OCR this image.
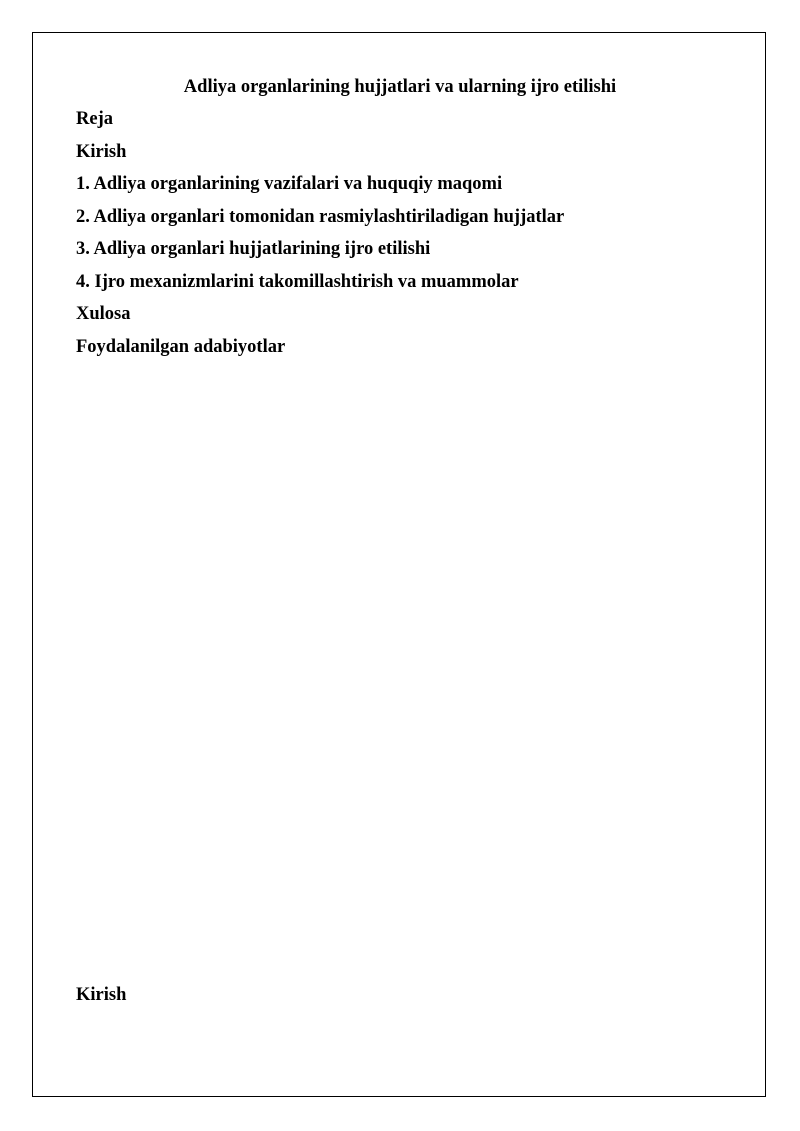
Adliya organlarining hujjatlari va ularning ijro etilishi
Reja
Kirish
1. Adliya organlarining vazifalari va huquqiy maqomi
2. Adliya organlari tomonidan rasmiylashtiriladigan hujjatlar
3. Adliya organlari hujjatlarining ijro etilishi
4. Ijro mexanizmlarini takomillashtirish va muammolar
Xulosa
Foydalanilgan adabiyotlar
Kirish
